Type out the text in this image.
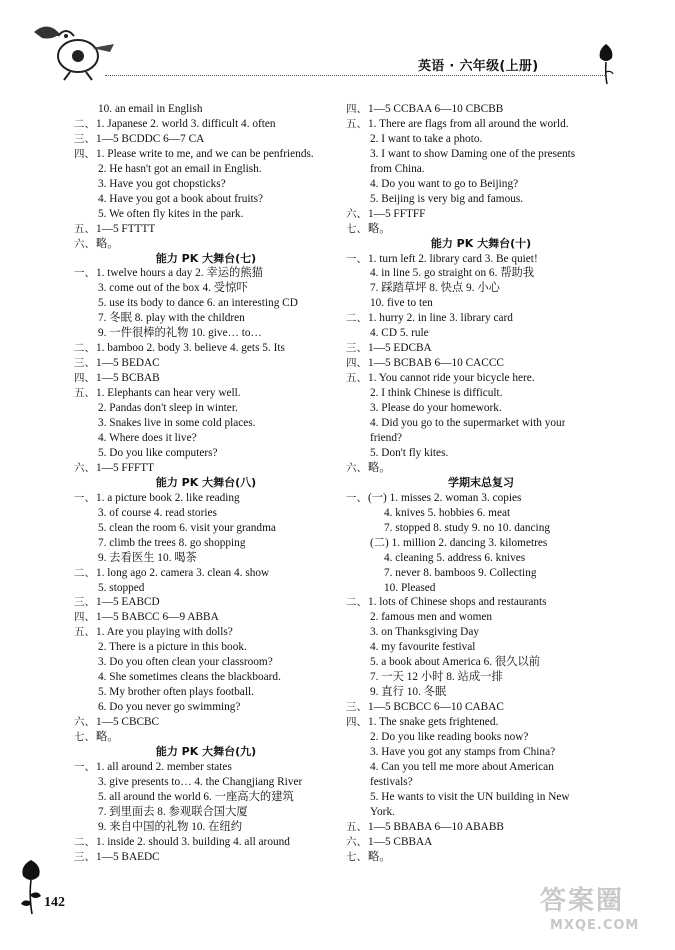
英语 · 六年级(上册)
10. an email in English
二、 1. Japanese 2. world 3. difficult 4. often
三、 1—5 BCDDC 6—7 CA
四、 1. Please write to me, and we can be penfriends.
2. He hasn't got an email in English.
3. Have you got chopsticks?
4. Have you got a book about fruits?
5. We often fly kites in the park.
五、 1—5 FTTTT
六、 略。
能力 PK 大舞台(七)
一、 1. twelve hours a day 2. 幸运的熊猫
3. come out of the box 4. 受惊吓
5. use its body to dance 6. an interesting CD
7. 冬眠 8. play with the children
9. 一件很棒的礼物 10. give… to…
二、 1. bamboo 2. body 3. believe 4. gets 5. Its
三、 1—5 BEDAC
四、 1—5 BCBAB
五、 1. Elephants can hear very well.
2. Pandas don't sleep in winter.
3. Snakes live in some cold places.
4. Where does it live?
5. Do you like computers?
六、 1—5 FFFTT
能力 PK 大舞台(八)
一、 1. a picture book 2. like reading
3. of course 4. read stories
5. clean the room 6. visit your grandma
7. climb the trees 8. go shopping
9. 去看医生 10. 喝茶
二、 1. long ago 2. camera 3. clean 4. show
5. stopped
三、 1—5 EABCD
四、 1—5 BABCC 6—9 ABBA
五、 1. Are you playing with dolls?
2. There is a picture in this book.
3. Do you often clean your classroom?
4. She sometimes cleans the blackboard.
5. My brother often plays football.
6. Do you never go swimming?
六、 1—5 CBCBC
七、 略。
能力 PK 大舞台(九)
一、 1. all around 2. member states
3. give presents to… 4. the Changjiang River
5. all around the world 6. 一座高大的建筑
7. 到里面去 8. 参观联合国大厦
9. 来自中国的礼物 10. 在纽约
二、 1. inside 2. should 3. building 4. all around
三、 1—5 BAEDC
四、 1—5 CCBAA 6—10 CBCBB
五、 1. There are flags from all around the world.
2. I want to take a photo.
3. I want to show Daming one of the presents
from China.
4. Do you want to go to Beijing?
5. Beijing is very big and famous.
六、 1—5 FFTFF
七、 略。
能力 PK 大舞台(十)
一、 1. turn left 2. library card 3. Be quiet!
4. in line 5. go straight on 6. 帮助我
7. 踩踏草坪 8. 快点 9. 小心
10. five to ten
二、 1. hurry 2. in line 3. library card
4. CD 5. rule
三、 1—5 EDCBA
四、 1—5 BCBAB 6—10 CACCC
五、 1. You cannot ride your bicycle here.
2. I think Chinese is difficult.
3. Please do your homework.
4. Did you go to the supermarket with your
friend?
5. Don't fly kites.
六、 略。
学期末总复习
一、 (一) 1. misses 2. woman 3. copies
4. knives 5. hobbies 6. meat
7. stopped 8. study 9. no 10. dancing
(二) 1. million 2. dancing 3. kilometres
4. cleaning 5. address 6. knives
7. never 8. bamboos 9. Collecting
10. Pleased
二、 1. lots of Chinese shops and restaurants
2. famous men and women
3. on Thanksgiving Day
4. my favourite festival
5. a book about America 6. 很久以前
7. 一天 12 小时 8. 站成一排
9. 直行 10. 冬眠
三、 1—5 BCBCC 6—10 CABAC
四、 1. The snake gets frightened.
2. Do you like reading books now?
3. Have you got any stamps from China?
4. Can you tell me more about American
festivals?
5. He wants to visit the UN building in New
York.
五、 1—5 BBABA 6—10 ABABB
六、 1—5 CBBAA
七、 略。
142	答案圈
MXQE.COM
